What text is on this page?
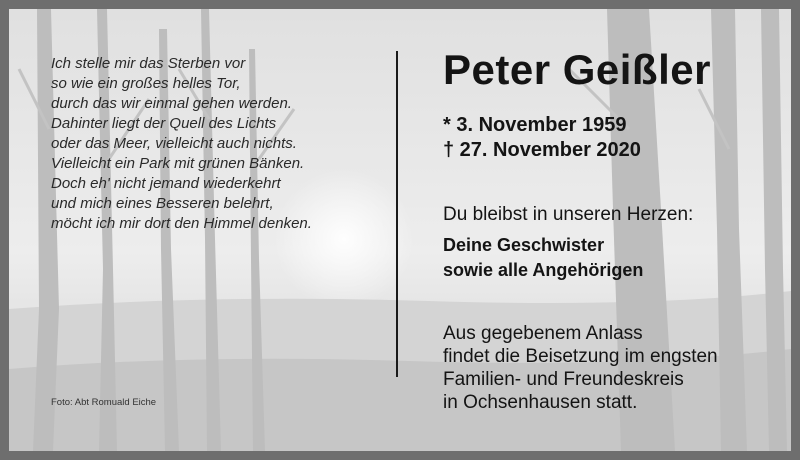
Ich stelle mir das Sterben vor
so wie ein großes helles Tor,
durch das wir einmal gehen werden.
Dahinter liegt der Quell des Lichts
oder das Meer, vielleicht auch nichts.
Vielleicht ein Park mit grünen Bänken.
Doch eh' nicht jemand wiederkehrt
und mich eines Besseren belehrt,
möcht ich mir dort den Himmel denken.
Foto: Abt Romuald Eiche
Peter Geißler
* 3. November 1959
† 27. November 2020
Du bleibst in unseren Herzen:
Deine Geschwister
sowie alle Angehörigen
Aus gegebenem Anlass
findet die Beisetzung im engsten
Familien- und Freundeskreis
in Ochsenhausen statt.
